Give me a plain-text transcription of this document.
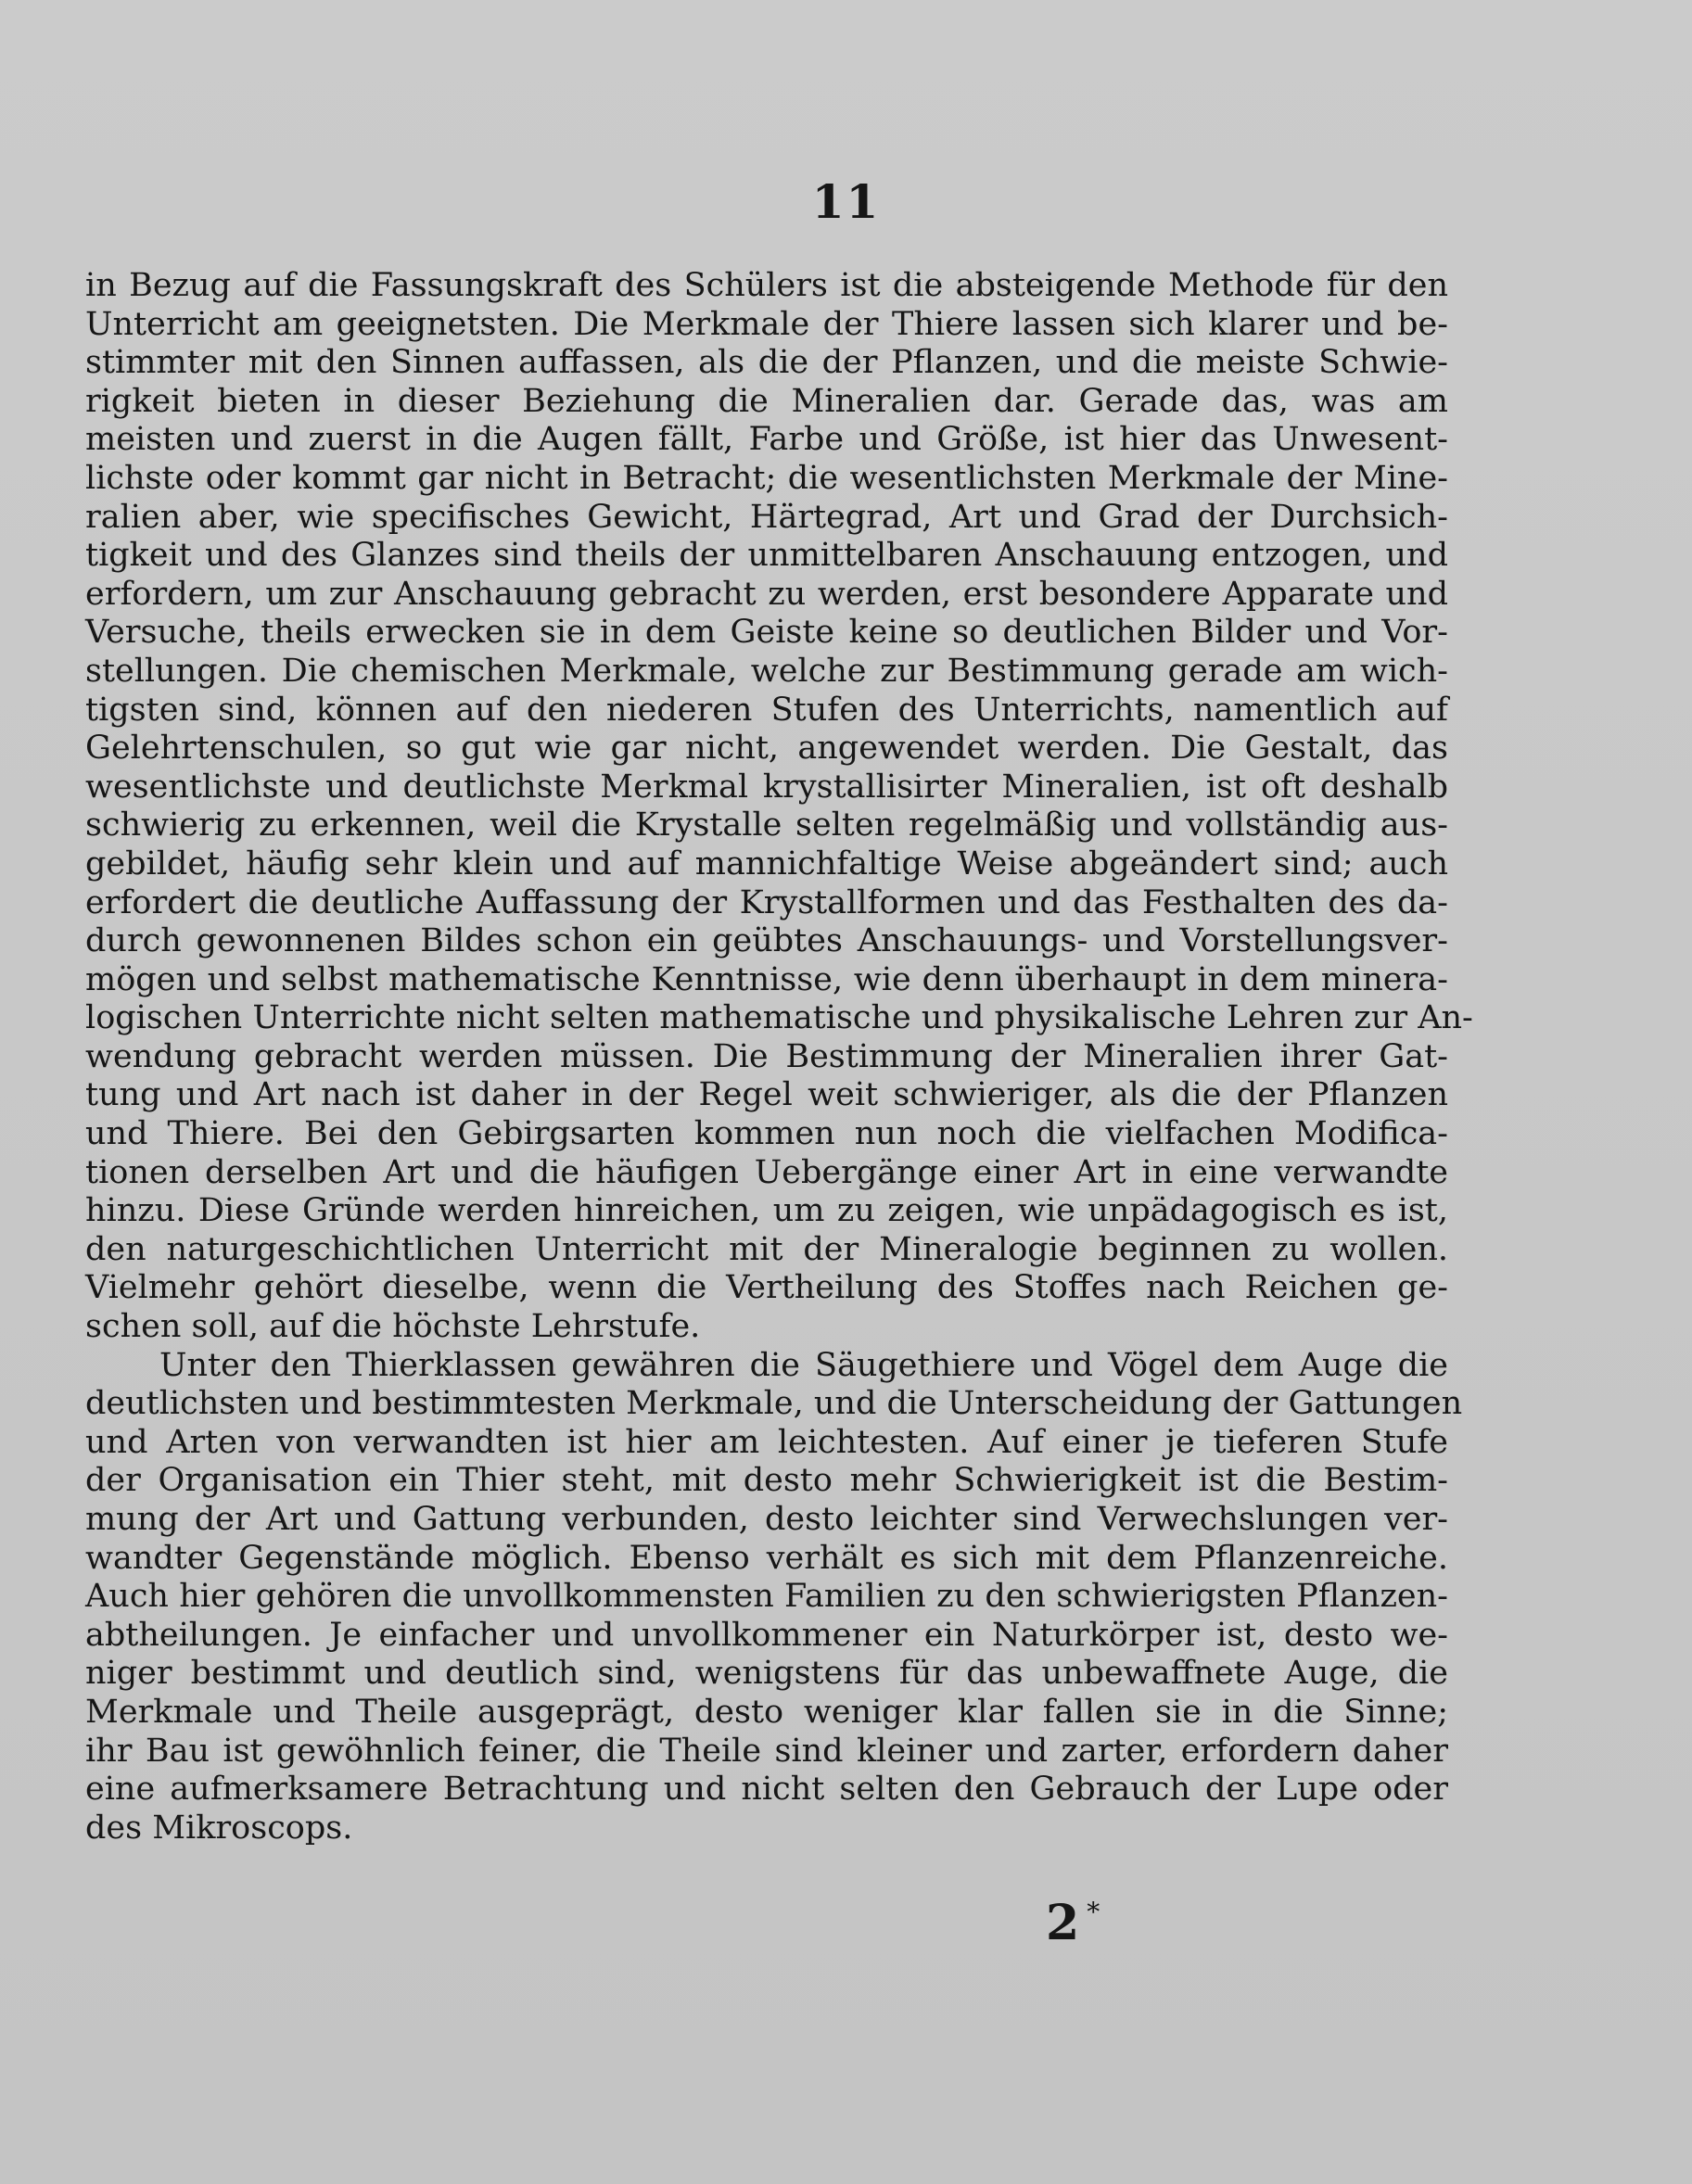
11
in Bezug auf die Fassungskraft des Schülers ist die absteigende Methode für den
Unterricht am geeignetsten. Die Merkmale der Thiere lassen sich klarer und be-
stimmter mit den Sinnen auffassen, als die der Pflanzen, und die meiste Schwie-
rigkeit bieten in dieser Beziehung die Mineralien dar. Gerade das, was am
meisten und zuerst in die Augen fällt, Farbe und Größe, ist hier das Unwesent-
lichste oder kommt gar nicht in Betracht; die wesentlichsten Merkmale der Mine-
ralien aber, wie specifisches Gewicht, Härtegrad, Art und Grad der Durchsich-
tigkeit und des Glanzes sind theils der unmittelbaren Anschauung entzogen, und
erfordern, um zur Anschauung gebracht zu werden, erst besondere Apparate und
Versuche, theils erwecken sie in dem Geiste keine so deutlichen Bilder und Vor-
stellungen. Die chemischen Merkmale, welche zur Bestimmung gerade am wich-
tigsten sind, können auf den niederen Stufen des Unterrichts, namentlich auf
Gelehrtenschulen, so gut wie gar nicht, angewendet werden. Die Gestalt, das
wesentlichste und deutlichste Merkmal krystallisirter Mineralien, ist oft deshalb
schwierig zu erkennen, weil die Krystalle selten regelmäßig und vollständig aus-
gebildet, häufig sehr klein und auf mannichfaltige Weise abgeändert sind; auch
erfordert die deutliche Auffassung der Krystallformen und das Festhalten des da-
durch gewonnenen Bildes schon ein geübtes Anschauungs- und Vorstellungsver-
mögen und selbst mathematische Kenntnisse, wie denn überhaupt in dem minera-
logischen Unterrichte nicht selten mathematische und physikalische Lehren zur An-
wendung gebracht werden müssen. Die Bestimmung der Mineralien ihrer Gat-
tung und Art nach ist daher in der Regel weit schwieriger, als die der Pflanzen
und Thiere. Bei den Gebirgsarten kommen nun noch die vielfachen Modifica-
tionen derselben Art und die häufigen Uebergänge einer Art in eine verwandte
hinzu. Diese Gründe werden hinreichen, um zu zeigen, wie unpädagogisch es ist,
den naturgeschichtlichen Unterricht mit der Mineralogie beginnen zu wollen.
Vielmehr gehört dieselbe, wenn die Vertheilung des Stoffes nach Reichen ge-
schen soll, auf die höchste Lehrstufe.
Unter den Thierklassen gewähren die Säugethiere und Vögel dem Auge die
deutlichsten und bestimmtesten Merkmale, und die Unterscheidung der Gattungen
und Arten von verwandten ist hier am leichtesten. Auf einer je tieferen Stufe
der Organisation ein Thier steht, mit desto mehr Schwierigkeit ist die Bestim-
mung der Art und Gattung verbunden, desto leichter sind Verwechslungen ver-
wandter Gegenstände möglich. Ebenso verhält es sich mit dem Pflanzenreiche.
Auch hier gehören die unvollkommensten Familien zu den schwierigsten Pflanzen-
abtheilungen. Je einfacher und unvollkommener ein Naturkörper ist, desto we-
niger bestimmt und deutlich sind, wenigstens für das unbewaffnete Auge, die
Merkmale und Theile ausgeprägt, desto weniger klar fallen sie in die Sinne;
ihr Bau ist gewöhnlich feiner, die Theile sind kleiner und zarter, erfordern daher
eine aufmerksamere Betrachtung und nicht selten den Gebrauch der Lupe oder
des Mikroscops.
2 *
